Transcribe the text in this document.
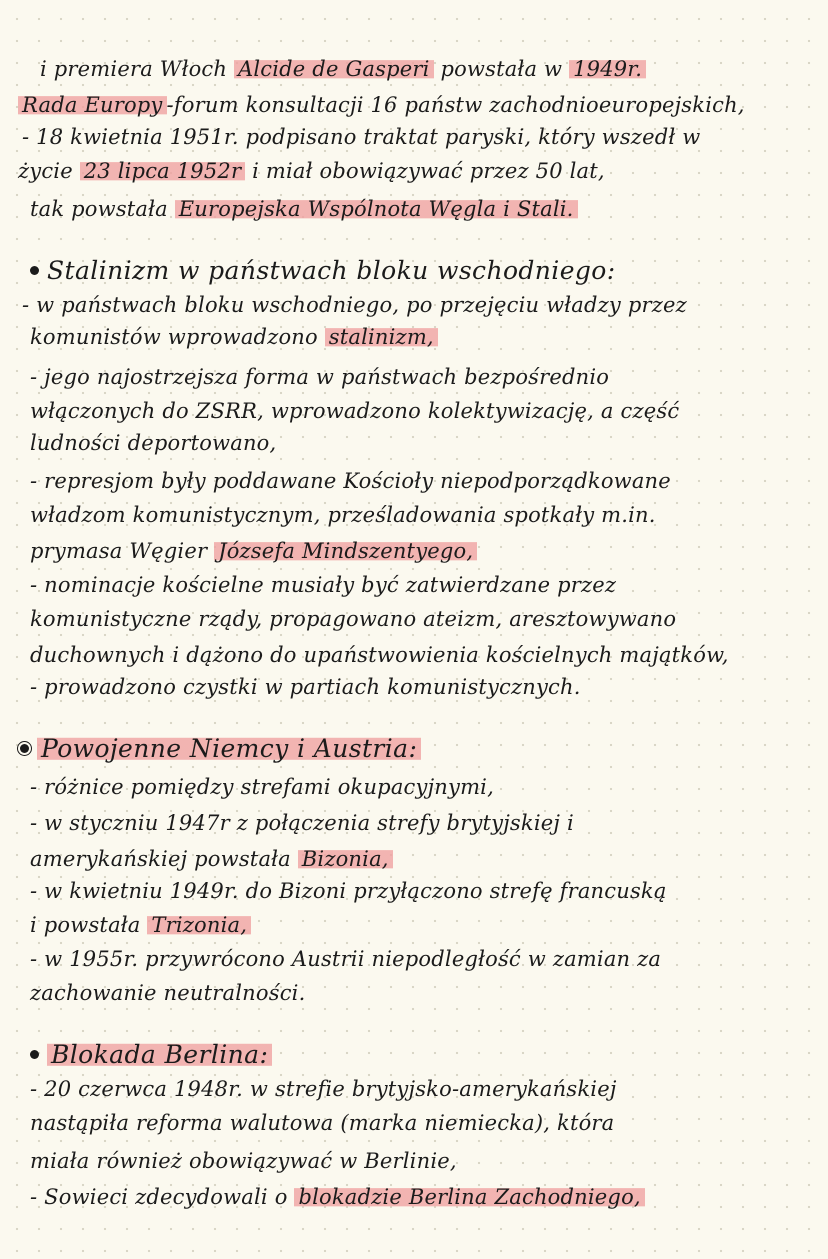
i premiera Włoch Alcide de Gasperi powstała w 1949r.
Rada Europy -forum konsultacji 16 państw zachodnioeuropejskich,
- 18 kwietnia 1951r. podpisano traktat paryski, który wszedł w
życie 23 lipca 1952r i miał obowiązywać przez 50 lat,
tak powstała Europejska Wspólnota Węgla i Stali.
Stalinizm w państwach bloku wschodniego:
- w państwach bloku wschodniego, po przejęciu władzy przez
komunistów wprowadzono stalinizm,
- jego najostrzejsza forma w państwach bezpośrednio
włączonych do ZSRR, wprowadzono kolektywizację, a część
ludności deportowano,
- represjom były poddawane Kościoły niepodporządkowane
władzom komunistycznym, prześladowania spotkały m.in.
prymasa Węgier Józsefa Mindszentyego,
- nominacje kościelne musiały być zatwierdzane przez
komunistyczne rządy, propagowano ateizm, aresztowywano
duchownych i dążono do upaństwowienia kościelnych majątków,
- prowadzono czystki w partiach komunistycznych.
Powojenne Niemcy i Austria:
- różnice pomiędzy strefami okupacyjnymi,
- w styczniu 1947r z połączenia strefy brytyjskiej i
amerykańskiej powstała Bizonia,
- w kwietniu 1949r. do Bizoni przyłączono strefę francuską
i powstała Trizonia,
- w 1955r. przywrócono Austrii niepodległość w zamian za
zachowanie neutralności.
Blokada Berlina:
- 20 czerwca 1948r. w strefie brytyjsko-amerykańskiej
nastąpiła reforma walutowa (marka niemiecka), która
miała również obowiązywać w Berlinie,
- Sowieci zdecydowali o blokadzie Berlina Zachodniego,
